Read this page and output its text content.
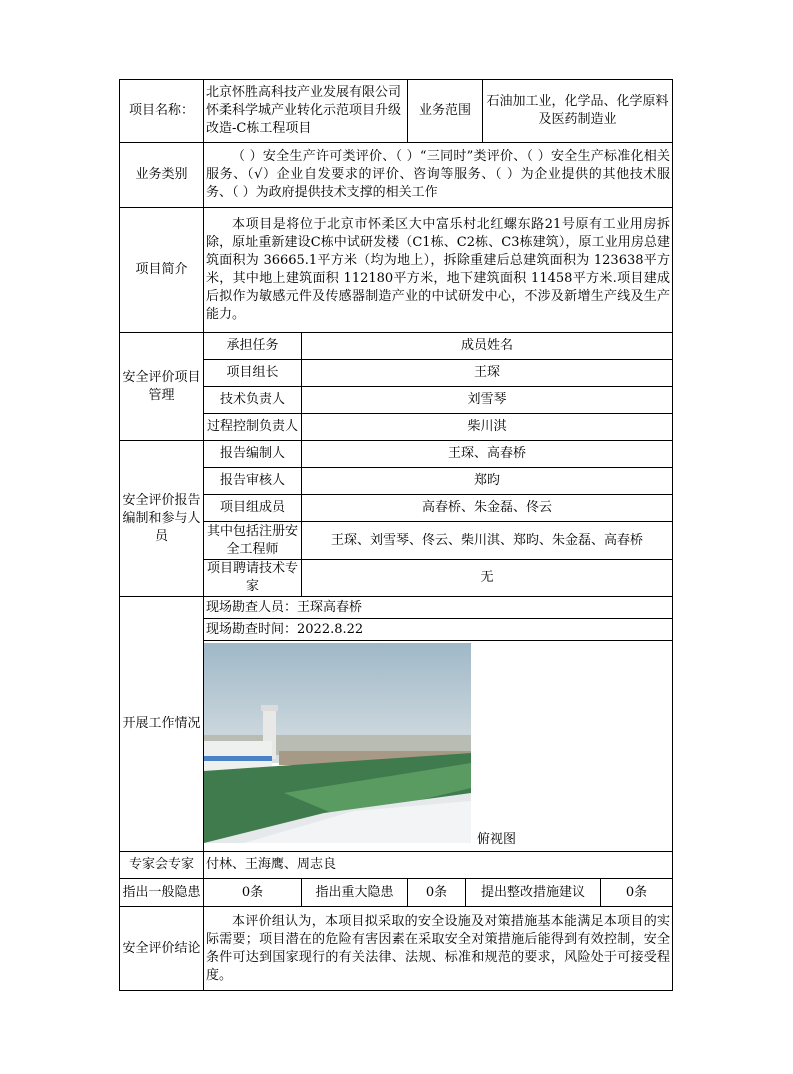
项目名称：	北京怀胜高科技产业发展有限公司怀柔科学城产业转化示范项目升级改造-C栋工程项目		业务范围		石油加工业，化学品、化学原料及医药制造业	
业务类别	（ ）安全生产许可类评价、（ ）“三同时”类评价、（ ）安全生产标准化相关服务、（√）企业自发要求的评价、咨询等服务、（ ）为企业提供的其他技术服务、（ ）为政府提供技术支撑的相关工作					
项目简介	本项目是将位于北京市怀柔区大中富乐村北红螺东路21号原有工业用房拆除，原址重新建设C栋中试研发楼（C1栋、C2栋、C3栋建筑），原工业用房总建筑面积为 36665.1平方米（均为地上），拆除重建后总建筑面积为 123638平方米，其中地上建筑面积 112180平方米，地下建筑面积 11458平方米.项目建成后拟作为敏感元件及传感器制造产业的中试研发中心，不涉及新增生产线及生产能力。					
安全评价项目管理	承担任务	成员姓名				
	项目组长	王琛				
	技术负责人	刘雪琴				
	过程控制负责人	柴川淇				
安全评价报告编制和参与人员	报告编制人	王琛、高春桥				
	报告审核人	郑昀				
	项目组成员	高春桥、朱金磊、佟云				
	其中包括注册安全工程师	王琛、刘雪琴、佟云、柴川淇、郑昀、朱金磊、高春桥				
	项目聘请技术专家	无				
开展工作情况	现场勘查人员：王琛高春桥					
	现场勘查时间：2022.8.22					

	俯视图					

专家会专家	付林、王海鹰、周志良					
指出一般隐患	0条	指出重大隐患	0条	提出整改措施建议		0条
安全评价结论	本评价组认为，本项目拟采取的安全设施及对策措施基本能满足本项目的实际需要；项目潜在的危险有害因素在采取安全对策措施后能得到有效控制，安全条件可达到国家现行的有关法律、法规、标准和规范的要求，风险处于可接受程度。					
